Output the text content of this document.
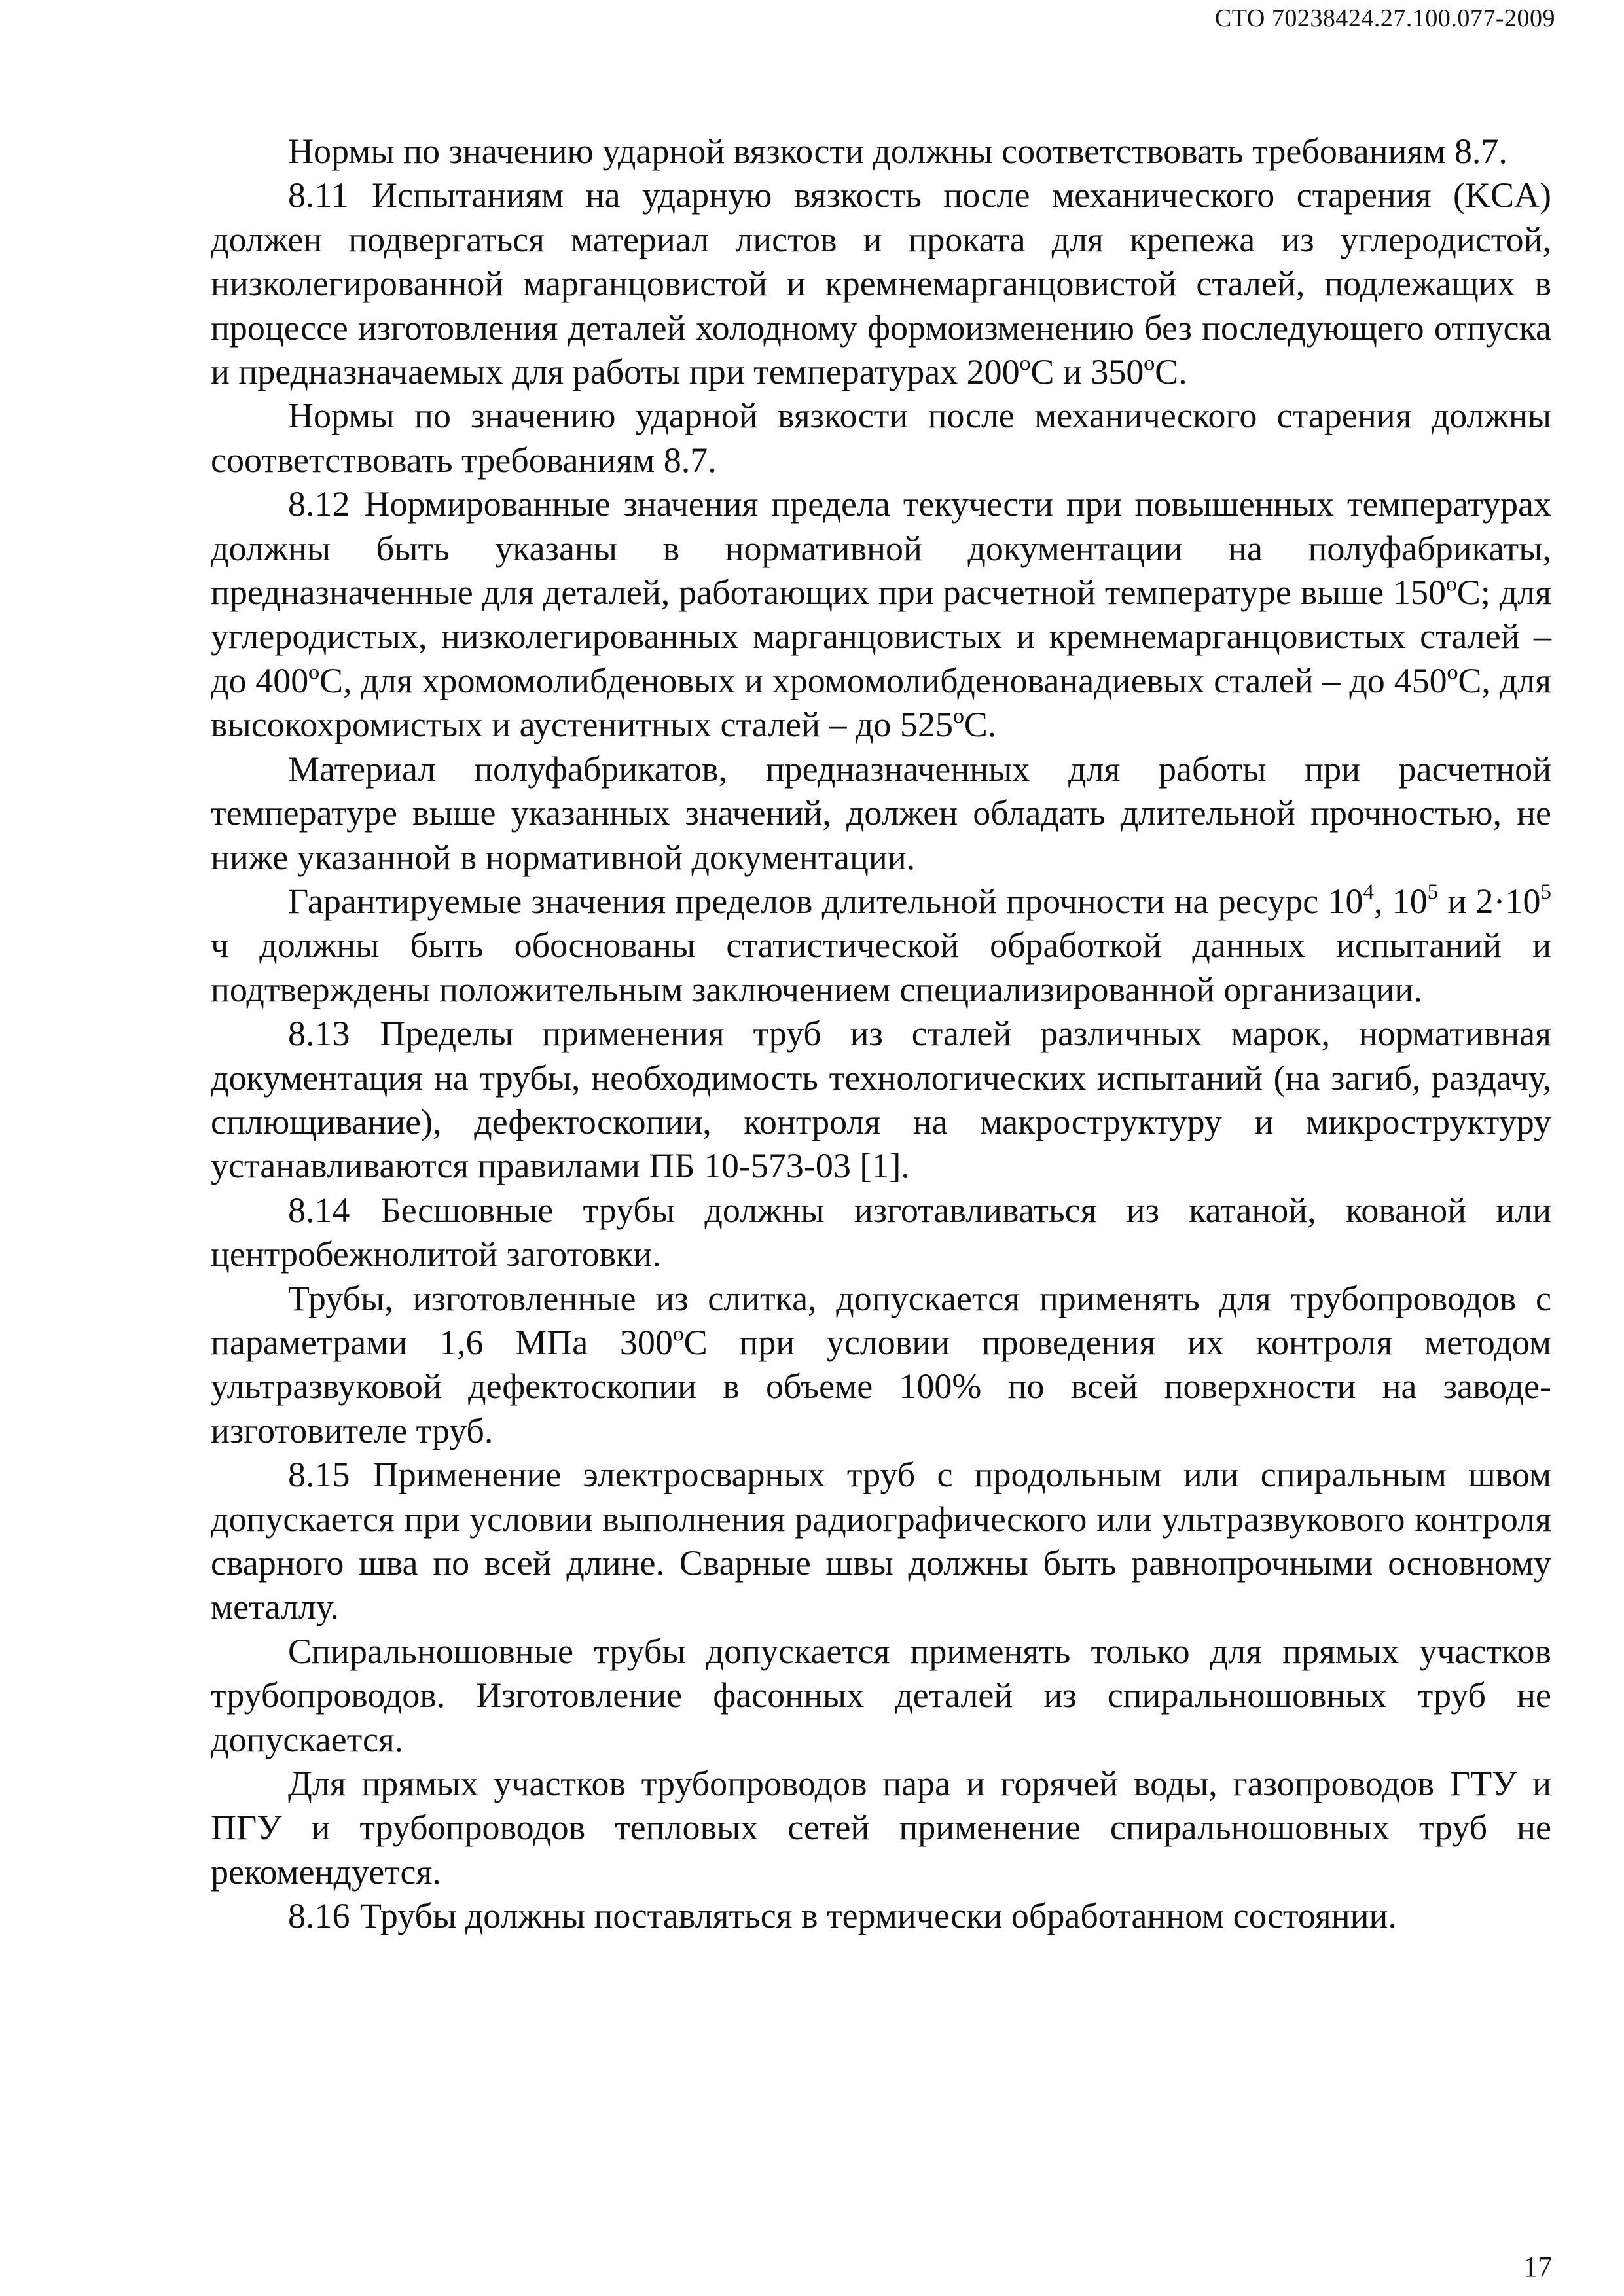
СТО 70238424.27.100.077-2009

Нормы по значению ударной вязкости должны соответствовать требованиям 8.7.

8.11 Испытаниям на ударную вязкость после механического старения (KCA) должен подвергаться материал листов и проката для крепежа из углеродистой, низколегированной марганцовистой и кремнемарганцовистой сталей, подлежащих в процессе изготовления деталей холодному формоизменению без последующего отпуска и предназначаемых для работы при температурах 200ºС и 350ºС.

Нормы по значению ударной вязкости после механического старения должны соответствовать требованиям 8.7.

8.12 Нормированные значения предела текучести при повышенных температурах должны быть указаны в нормативной документации на полуфабрикаты, предназначенные для деталей, работающих при расчетной температуре выше 150ºС; для углеродистых, низколегированных марганцовистых и кремнемарганцовистых сталей – до 400ºС, для хромомолибденовых и хромомолибденованадиевых сталей – до 450ºС, для высокохромистых и аустенитных сталей – до 525ºС.

Материал полуфабрикатов, предназначенных для работы при расчетной температуре выше указанных значений, должен обладать длительной прочностью, не ниже указанной в нормативной документации.

Гарантируемые значения пределов длительной прочности на ресурс $10^4$, $10^5$ и $2\cdot 10^5$ ч должны быть обоснованы статистической обработкой данных испытаний и подтверждены положительным заключением специализированной организации.

8.13 Пределы применения труб из сталей различных марок, нормативная документация на трубы, необходимость технологических испытаний (на загиб, раздачу, сплющивание), дефектоскопии, контроля на макроструктуру и микроструктуру устанавливаются правилами ПБ 10-573-03 [1].

8.14 Бесшовные трубы должны изготавливаться из катаной, кованой или центробежнолитой заготовки.

Трубы, изготовленные из слитка, допускается применять для трубопроводов с параметрами 1,6 МПа 300ºС при условии проведения их контроля методом ультразвуковой дефектоскопии в объеме 100% по всей поверхности на заводе-изготовителе труб.

8.15 Применение электросварных труб с продольным или спиральным швом допускается при условии выполнения радиографического или ультразвукового контроля сварного шва по всей длине. Сварные швы должны быть равнопрочными основному металлу.

Спиральношовные трубы допускается применять только для прямых участков трубопроводов. Изготовление фасонных деталей из спиральношовных труб не допускается.

Для прямых участков трубопроводов пара и горячей воды, газопроводов ГТУ и ПГУ и трубопроводов тепловых сетей применение спиральношовных труб не рекомендуется.

8.16 Трубы должны поставляться в термически обработанном состоянии.

17
